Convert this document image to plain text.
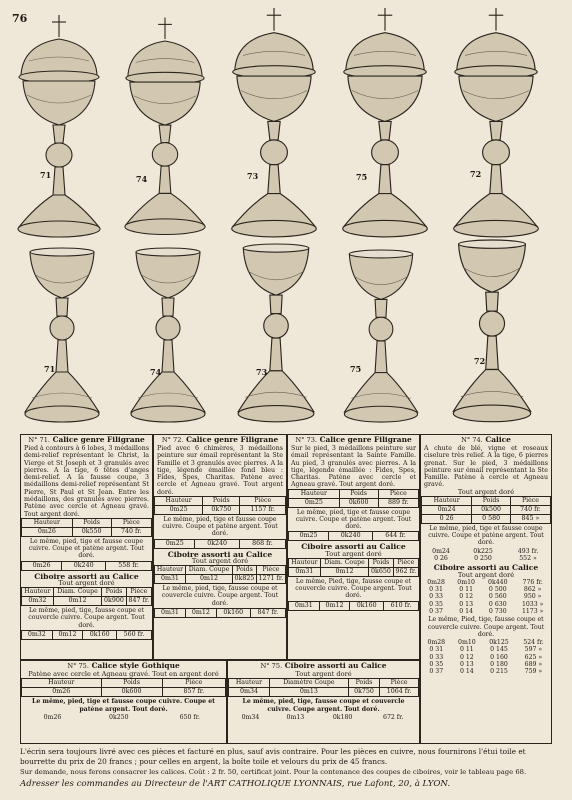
76
71	74	73	75	72
71	74	73	75
72
N° 71. Calice genre Filigrane
Pied à contours à 6 lobes, 3 médaillons demi-relief représentant le Christ, la Vierge et St Joseph et 3 granulés avec pierres. A la tige, 6 têtes d'anges demi-relief. A la fausse coupe, 3 médaillons demi-relief représentant St Pierre, St Paul et St Jean. Entre les médaillons, des granulés avec pierres. Patène avec cercle et Agneau gravé. Tout argent doré.
Hauteur	Poids	Pièce
0m26	0k550	740 fr.
Le même, pied, tige et fausse coupe cuivre. Coupe et patène argent. Tout doré.
0m26	0k240	558 fr.
Ciboire assorti au Calice
Tout argent doré
Hauteur	Diam. Coupe	Poids	Pièce
0m32	0m12	0k900	847 fr.
Le même, pied, tige, fausse coupe et couvercle cuivre. Coupe argent. Tout doré.
0m32	0m12	0k160	560 fr.
N° 72. Calice genre Filigrane
Pied avec 6 chimères, 3 médaillons peinture sur émail représentant la Ste Famille et 3 granulés avec pierres. A la tige, légende émaillée fond bleu : Fides, Spes, Charitas. Patène avec cercle et Agneau gravé. Tout argent doré.
Hauteur	Poids	Pièce
0m25	0k750	1157 fr.
Le même, pied, tige et fausse coupe cuivre. Coupe et patène argent. Tout doré.
0m25	0k240	868 fr.
Ciboire assorti au Calice
Tout argent doré
Hauteur	Diam. Coupe	Poids	Pièce
0m31	0m12	0k825	1271 fr.
Le même, pied, tige, fausse coupe et couvercle cuivre. Coupe argent. Tout doré.
0m31	0m12	0k160	847 fr.
N° 73. Calice genre Filigrane
Sur le pied, 3 médaillons peinture sur émail représentant la Sainte Famille. Au pied, 3 granulés avec pierres. A la tige, légende émaillée : Fides, Spes, Charitas. Patène avec cercle et Agneau gravé. Tout argent doré.
Hauteur	Poids	Pièce
0m25	0k600	889 fr.
Le même, pied, tige et fausse coupe cuivre. Coupe et patène argent. Tout doré.
0m25	0k240	644 fr.
Ciboire assorti au Calice
Tout argent doré
Hauteur	Diam. Coupe	Poids	Pièce
0m31	0m12	0k650	962 fr.
Le même, Pied, tige, fausse coupe et couvercle cuivre. Coupe argent. Tout doré.
0m31	0m12	0k160	610 fr.
N° 74. Calice
A chute de blé, vigne et roseaux ciselure très relief. A la tige, 6 pierres grenat. Sur le pied, 3 médaillons peinture sur émail représentant la Ste Famille. Patène à cercle et Agneau gravé.
Tout argent doré
Hauteur	Poids	Pièce
0m24	0k500	740 fr.
0 26	0 580	845 »
Le même, pied, tige et fausse coupe cuivre. Coupe et patène argent. Tout doré.
0m24	0k225	493 fr.
0 26	0 250	552 »
Ciboire assorti au Calice
Tout argent doré
0m28	0m10	0k440	776 fr.
0 31	0 11	0 500	862 »
0 33	0 12	0 560	950 »
0 35	0 13	0 630	1033 »
0 37	0 14	0 730	1173 »
Le même, Pied, tige, fausse coupe et couvercle cuivre. Coupe argent. Tout doré.
0m28	0m10	0k125	524 fr.
0 31	0 11	0 145	597 »
0 33	0 12	0 160	625 »
0 35	0 13	0 180	689 »
0 37	0 14	0 215	759 »
N° 75. Calice style Gothique
Patène avec cercle et Agneau gravé. Tout en argent doré
Hauteur	Poids	Pièce
0m26	0k600	857 fr.
Le même, pied, tige et fausse coupe cuivre. Coupe et patène argent. Tout doré.
0m26	0k250	650 fr.
N° 75. Ciboire assorti au Calice
Tout argent doré
Hauteur	Diamètre Coupe	Poids	Pièce
0m34	0m13	0k750	1064 fr.
Le même, pied, tige, fausse coupe et couvercle cuivre. Coupe argent. Tout doré.
0m34	0m13	0k180	672 fr.
L'écrin sera toujours livré avec ces pièces et facturé en plus, sauf avis contraire. Pour les pièces en cuivre, nous fournirons l'étui toile et bourrette du prix de 20 francs ; pour celles en argent, la boîte toile et velours du prix de 45 francs.
Sur demande, nous ferons consacrer les calices. Coût : 2 fr. 50, certificat joint. Pour la contenance des coupes de ciboires, voir le tableau page 68.
Adresser les commandes au Directeur de l'ART CATHOLIQUE LYONNAIS, rue Lafont, 20, à LYON.
